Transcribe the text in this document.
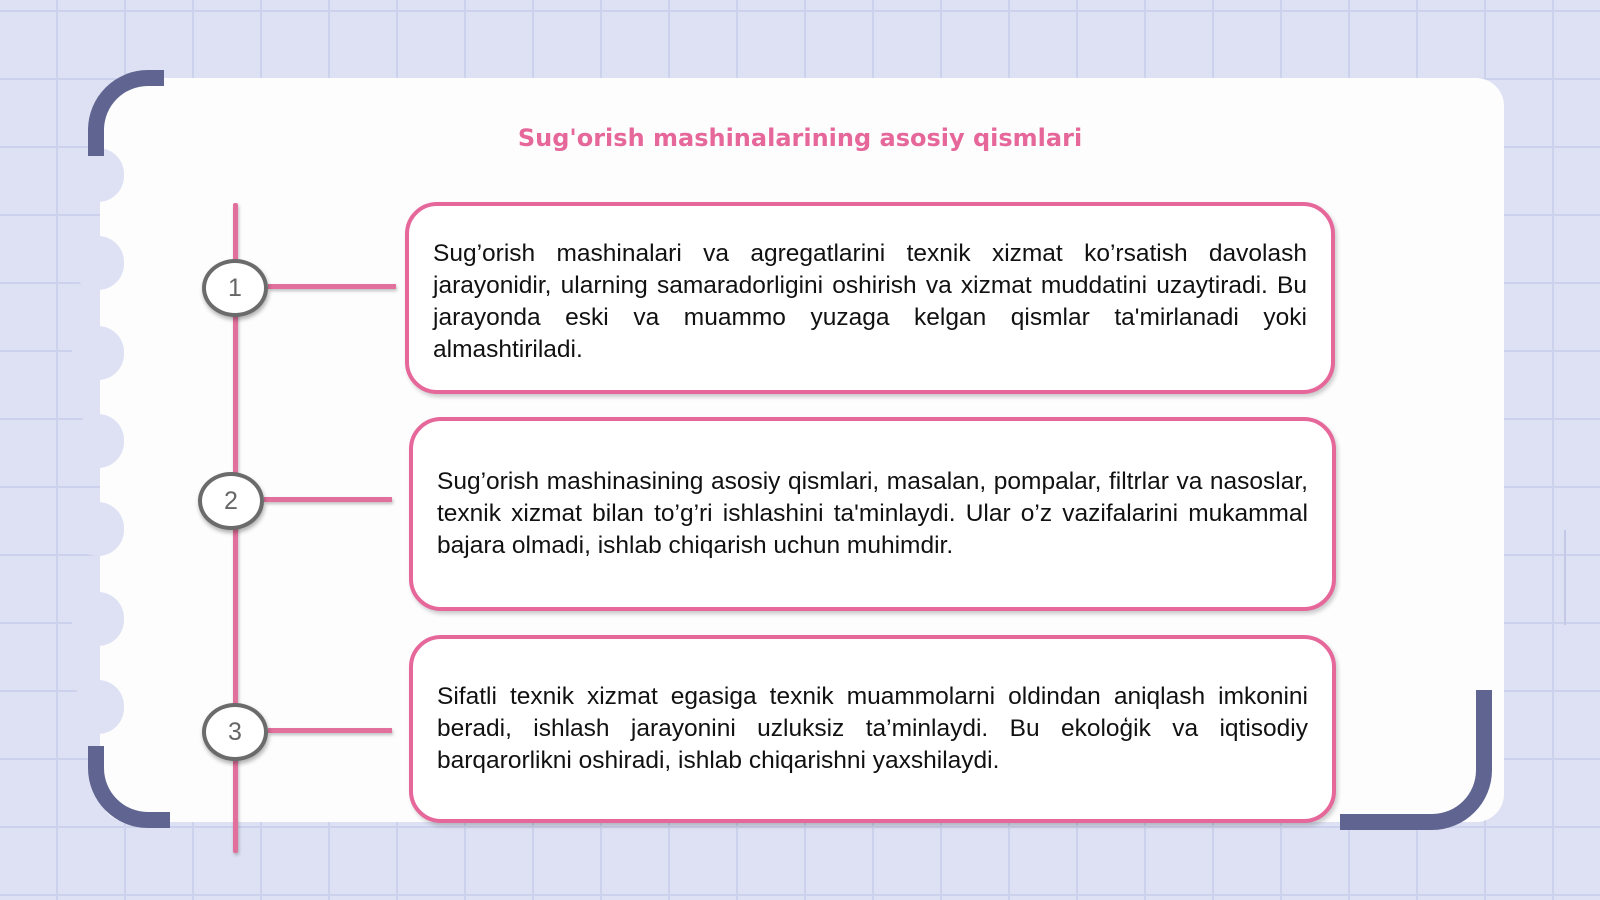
Sug'orish mashinalarining asosiy qismlari
1
2
3

Sug’orish mashinalari va agregatlarini texnik xizmat ko’rsatish davolash jarayonidir, ularning samaradorligini oshirish va xizmat muddatini uzaytiradi. Bu jarayonda eski va muammo yuzaga kelgan qismlar ta'mirlanadi yoki almashtiriladi.

Sug’orish mashinasining asosiy qismlari, masalan, pompalar, filtrlar va nasoslar, texnik xizmat bilan to’g’ri ishlashini ta'minlaydi. Ular o’z vazifalarini mukammal bajara olmadi, ishlab chiqarish uchun muhimdir.

Sifatli texnik xizmat egasiga texnik muammolarni oldindan aniqlash imkonini beradi, ishlash jarayonini uzluksiz ta’minlaydi. Bu ekoloģik va iqtisodiy barqarorlikni oshiradi, ishlab chiqarishni yaxshilaydi.
